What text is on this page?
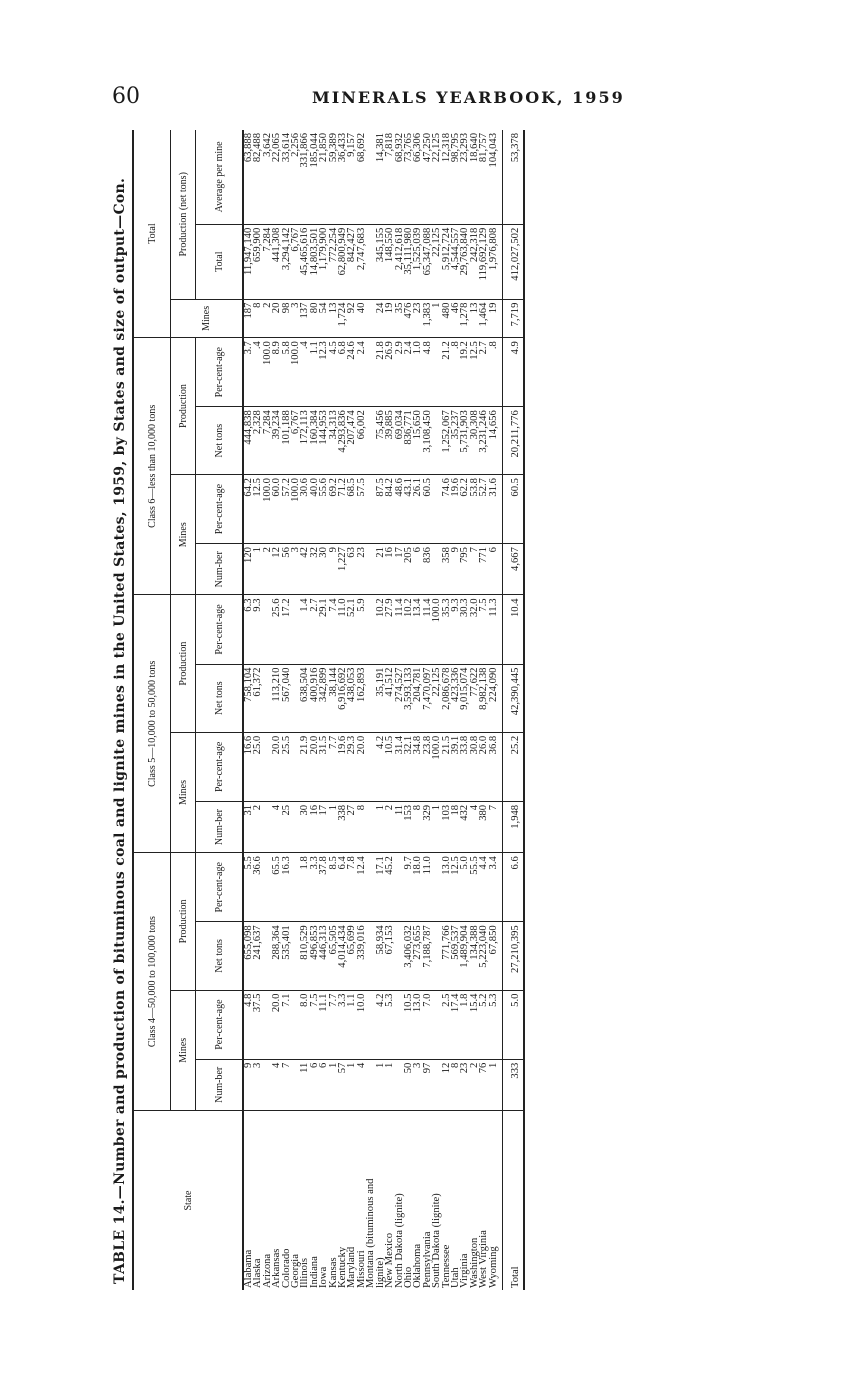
60	MINERALS YEARBOOK, 1959
TABLE 14.—Number and production of bituminous coal and lignite mines in the United States, 1959, by States and size of output—Con.	State	Class 4—50,000 to 100,000 tons				Class 5—10,000 to 50,000 tons				Class 6—less than 10,000 tons				Total		
	Mines		Production		Mines		Production		Mines		Production		Mines	Production (net tons)	
	Num-ber	Per-cent-age	Net tons	Per-cent-age	Num-ber	Per-cent-age	Net tons	Per-cent-age	Num-ber	Per-cent-age	Net tons	Per-cent-age		Total	Average per mine
Alabama	9	4.8	655,098	5.5	31	16.6	758,104	6.3	120	64.2	444,838	3.7	187	11,947,140	63,888
Alaska	3	37.5	241,637	36.6	2	25.0	61,372	9.3	1	12.5	2,328	.4	8	659,900	82,488
Arizona									2	100.0	7,284	100.0	2	7,284	3,642
Arkansas	4	20.0	288,364	65.5	4	20.0	113,210	25.6	12	60.0	39,234	8.9	20	441,308	22,065
Colorado	7	7.1	535,401	16.3	25	25.5	567,040	17.2	56	57.2	101,188	5.8	98	3,294,142	33,614
Georgia									3	100.0	6,767	100.0	3	6,767	2,256
Illinois	11	8.0	810,529	1.8	30	21.9	638,504	1.4	42	30.6	172,113	.4	137	45,465,616	331,866
Indiana	6	7.5	496,853	3.3	16	20.0	400,916	2.7	32	40.0	160,384	1.1	80	14,803,501	185,044
Iowa	6	11.1	446,313	37.8	17	31.5	342,899	29.1	30	55.6	144,953	12.3	54	1,179,900	21,850
Kansas	1	7.7	65,505	8.5	1	7.7	38,144	7.4	9	69.2	34,313	4.5	13	772,254	59,389
Kentucky	57	3.3	4,014,434	6.4	338	19.6	6,916,692	11.0	1,227	71.2	4,293,836	6.8	1,724	62,800,949	36,433
Maryland	1	1.1	65,699	7.8	27	29.3	438,053	52.1	63	68.5	207,474	24.6	92	842,427	9,157
Missouri	4	10.0	339,016	12.4	8	20.0	162,893	5.9	23	57.5	66,002	2.4	40	2,747,683	68,692
Montana (bituminous and															
lignite)	1	4.2	58,934	17.1	1	4.2	35,191	10.2	21	87.5	75,456	21.8	24	345,155	14,381
New Mexico	1	5.3	67,153	45.2	2	10.5	41,512	27.9	16	84.2	39,885	26.9	19	148,550	7,818
North Dakota (lignite)					11	31.4	274,527	11.4	17	48.6	69,034	2.9	35	2,412,618	68,932
Ohio	50	10.5	3,406,032	9.7	153	32.1	3,593,133	10.2	205	43.1	836,771	2.4	476	35,111,980	73,765
Oklahoma	3	13.0	273,655	18.0	8	34.8	204,781	13.4	6	26.1	15,650	1.0	23	1,525,039	66,306
Pennsylvania	97	7.0	7,188,787	11.0	329	23.8	7,470,097	11.4	836	60.5	3,108,450	4.8	1,383	65,347,088	47,250
South Dakota (lignite)					1	100.0	22,125	100.0					1	22,125	22,125
Tennessee	12	2.5	771,766	13.0	103	21.5	2,086,678	35.3	358	74.6	1,252,067	21.2	480	5,912,724	12,318
Utah	8	17.4	569,537	12.5	18	39.1	423,336	9.3	9	19.6	35,237	.8	46	4,544,557	98,795
Virginia	23	1.8	1,489,904	5.0	432	33.8	9,015,074	30.3	795	62.2	5,731,903	19.2	1,278	29,763,840	23,293
Washington	2	15.4	134,388	55.5	4	30.8	77,622	32.0	7	53.8	30,308	12.5	13	242,318	18,640
West Virginia	76	5.2	5,223,040	4.4	380	26.0	8,982,138	7.5	771	52.7	3,231,246	2.7	1,464	119,692,129	81,757
Wyoming	1	5.3	67,850	3.4	7	36.8	224,090	11.3	6	31.6	14,656	.8	19	1,976,808	104,043

Total	333	5.0	27,210,395	6.6	1,948	25.2	42,390,445	10.4	4,667	60.5	20,211,776	4.9	7,719	412,027,502	53,378
